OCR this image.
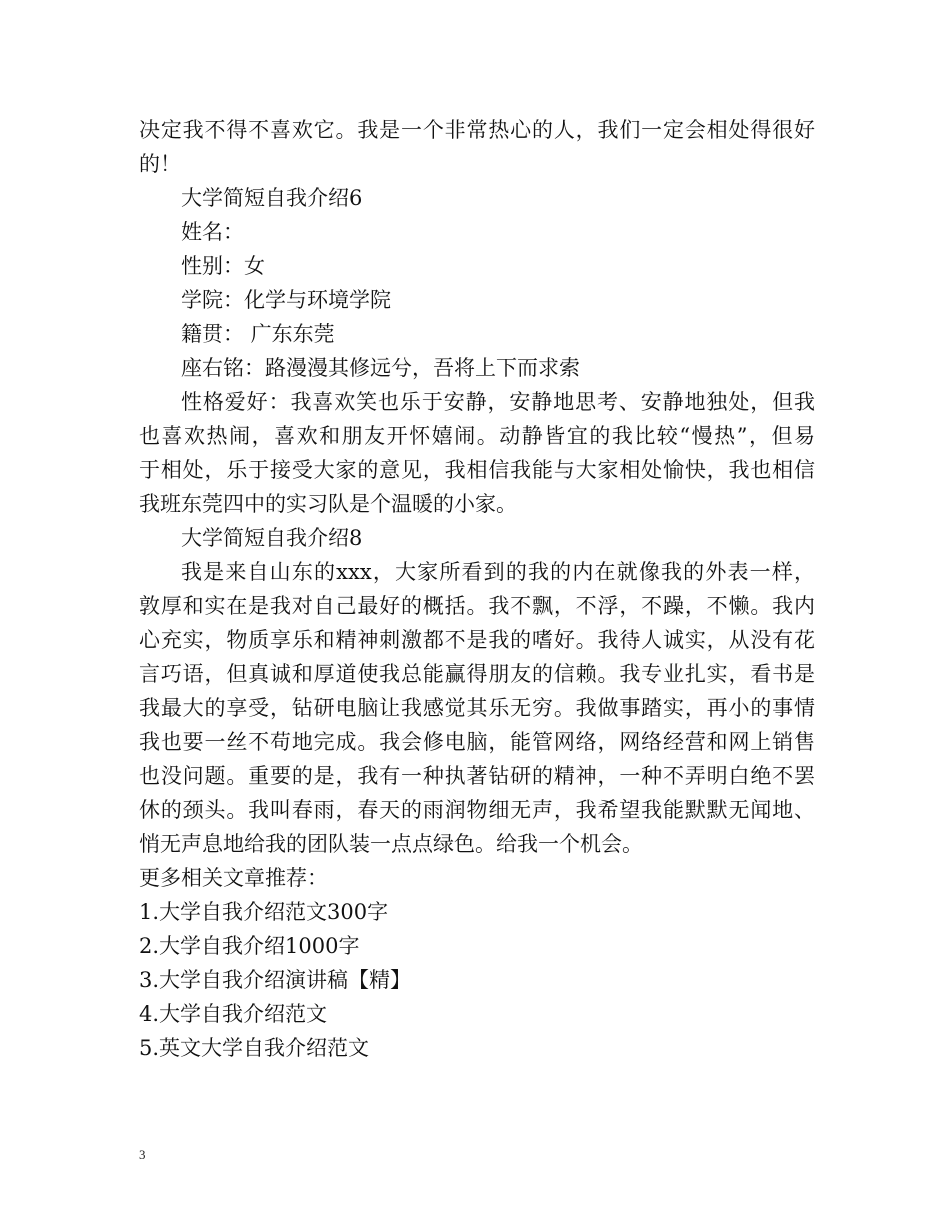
决定我不得不喜欢它。我是一个非常热心的人，我们一定会相处得很好
的！
大学简短自我介绍6
姓名：
性别：女
学院：化学与环境学院
籍贯： 广东东莞
座右铭：路漫漫其修远兮，吾将上下而求索
性格爱好：我喜欢笑也乐于安静，安静地思考、安静地独处，但我
也喜欢热闹，喜欢和朋友开怀嬉闹。动静皆宜的我比较“慢热”，但易
于相处，乐于接受大家的意见，我相信我能与大家相处愉快，我也相信
我班东莞四中的实习队是个温暖的小家。
大学简短自我介绍8
我是来自山东的xxx，大家所看到的我的内在就像我的外表一样，
敦厚和实在是我对自己最好的概括。我不飘，不浮，不躁，不懒。我内
心充实，物质享乐和精神刺激都不是我的嗜好。我待人诚实，从没有花
言巧语，但真诚和厚道使我总能赢得朋友的信赖。我专业扎实，看书是
我最大的享受，钻研电脑让我感觉其乐无穷。我做事踏实，再小的事情
我也要一丝不苟地完成。我会修电脑，能管网络，网络经营和网上销售
也没问题。重要的是，我有一种执著钻研的精神，一种不弄明白绝不罢
休的颈头。我叫春雨，春天的雨润物细无声，我希望我能默默无闻地、
悄无声息地给我的团队装一点点绿色。给我一个机会。
更多相关文章推荐：
1.大学自我介绍范文300字
2.大学自我介绍1000字
3.大学自我介绍演讲稿【精】
4.大学自我介绍范文
5.英文大学自我介绍范文
3
